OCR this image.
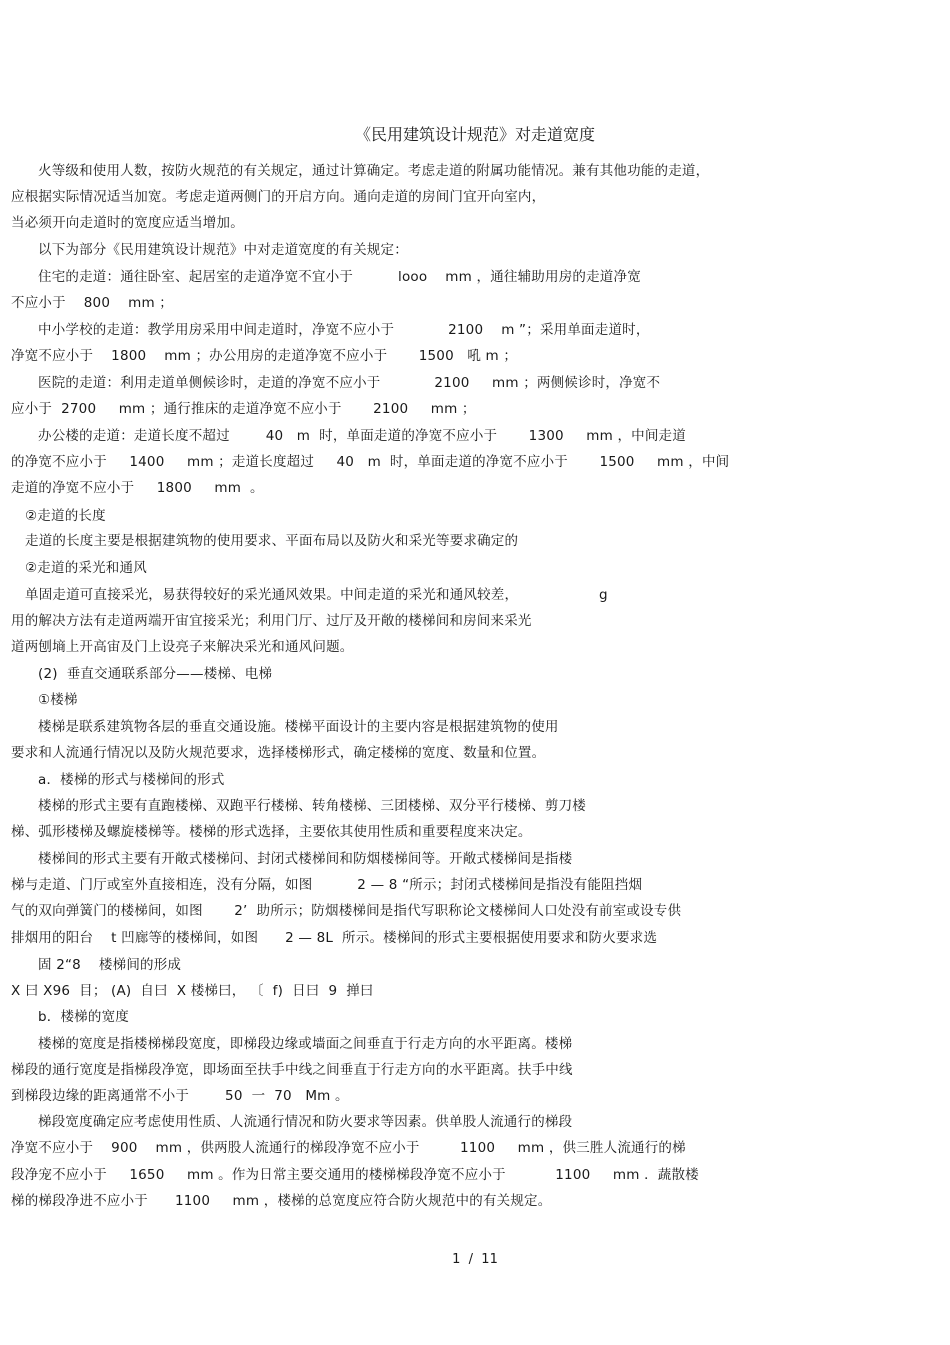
《民用建筑设计规范》对走道宽度
火等级和使用人数，按防火规范的有关规定，通过计算确定。考虑走道的附属功能情况。兼有其他功能的走道，
应根据实际情况适当加宽。考虑走道两侧门的开启方向。通向走道的房间门宜开向室内，
当必须开向走道时的宽度应适当增加。
以下为部分《民用建筑设计规范》中对走道宽度的有关规定：
住宅的走道：通往卧室、起居室的走道净宽不宜小于          looo    mm ，通往辅助用房的走道净宽
不应小于    800    mm ；
中小学校的走道：教学用房采用中间走道时，净宽不应小于            2100    m ”；采用单面走道时，
净宽不应小于    1800    mm ；办公用房的走道净宽不应小于       1500   吼 m ；
医院的走道：利用走道单侧候诊时，走道的净宽不应小于            2100     mm ；两侧候诊时，净宽不
应小于  2700     mm ；通行推床的走道净宽不应小于       2100     mm ；
办公楼的走道：走道长度不超过        40   m  时，单面走道的净宽不应小于       1300     mm ，中间走道
的净宽不应小于     1400     mm ；走道长度超过     40   m  时，单面走道的净宽不应小于       1500     mm ，中间
走道的净宽不应小于     1800     mm  。
②走道的长度
走道的长度主要是根据建筑物的使用要求、平面布局以及防火和采光等要求确定的
②走道的采光和通风
单固走道可直接采光，易获得较好的采光通风效果。中间走道的采光和通风较差，                  g
用的解决方法有走道两端开宙宜接采光；利用门厅、过厅及开敞的楼梯间和房间来采光
道两刨墒上开高宙及门上设亮子来解决采光和通风问题。
(2)  垂直交通联系部分——楼梯、电梯
①楼梯
楼梯是联系建筑物各层的垂直交通设施。楼梯平面设计的主要内容是根据建筑物的使用
要求和人流通行情况以及防火规范要求，选择楼梯形式，确定楼梯的宽度、数量和位置。
a．楼梯的形式与楼梯间的形式
楼梯的形式主要有直跑楼梯、双跑平行楼梯、转角楼梯、三团楼梯、双分平行楼梯、剪刀楼
梯、弧形楼梯及螺旋楼梯等。楼梯的形式选择，主要依其使用性质和重要程度来决定。
楼梯间的形式主要有开敞式楼梯问、封闭式楼梯间和防烟楼梯间等。开敞式楼梯间是指楼
梯与走道、门厅或室外直接相连，没有分隔，如图          2 — 8 “所示；封闭式楼梯间是指没有能阻挡烟
气的双向弹簧门的楼梯间，如图       2’  助所示；防烟楼梯间是指代写职称论文楼梯间人口处没有前室或设专供
排烟用的阳台    t 凹廊等的楼梯间，如图      2 — 8L  所示。楼梯间的形式主要根据使用要求和防火要求选
固 2“8    楼梯间的形成
X 曰 X96  目； (A)  自曰  X 楼梯曰， 〔  f)  日曰  9  掸曰
b．楼梯的宽度
楼梯的宽度是指楼梯梯段宽度，即梯段边缘或墙面之间垂直于行走方向的水平距离。楼梯
梯段的通行宽度是指梯段净宽，即场面至扶手中线之间垂直于行走方向的水平距离。扶手中线
到梯段边缘的距离通常不小于        50  一  70   Mm 。
梯段宽度确定应考虑使用性质、人流通行情况和防火要求等因素。供单股人流通行的梯段
净宽不应小于    900    mm ，供两股人流通行的梯段净宽不应小于         1100     mm ，供三胜人流通行的梯
段净宠不应小于     1650     mm 。作为日常主要交通用的楼梯梯段净宽不应小于           1100     mm ．蔬散楼
梯的梯段净进不应小于      1100     mm ，楼梯的总宽度应符合防火规范中的有关规定。
1  /  11
